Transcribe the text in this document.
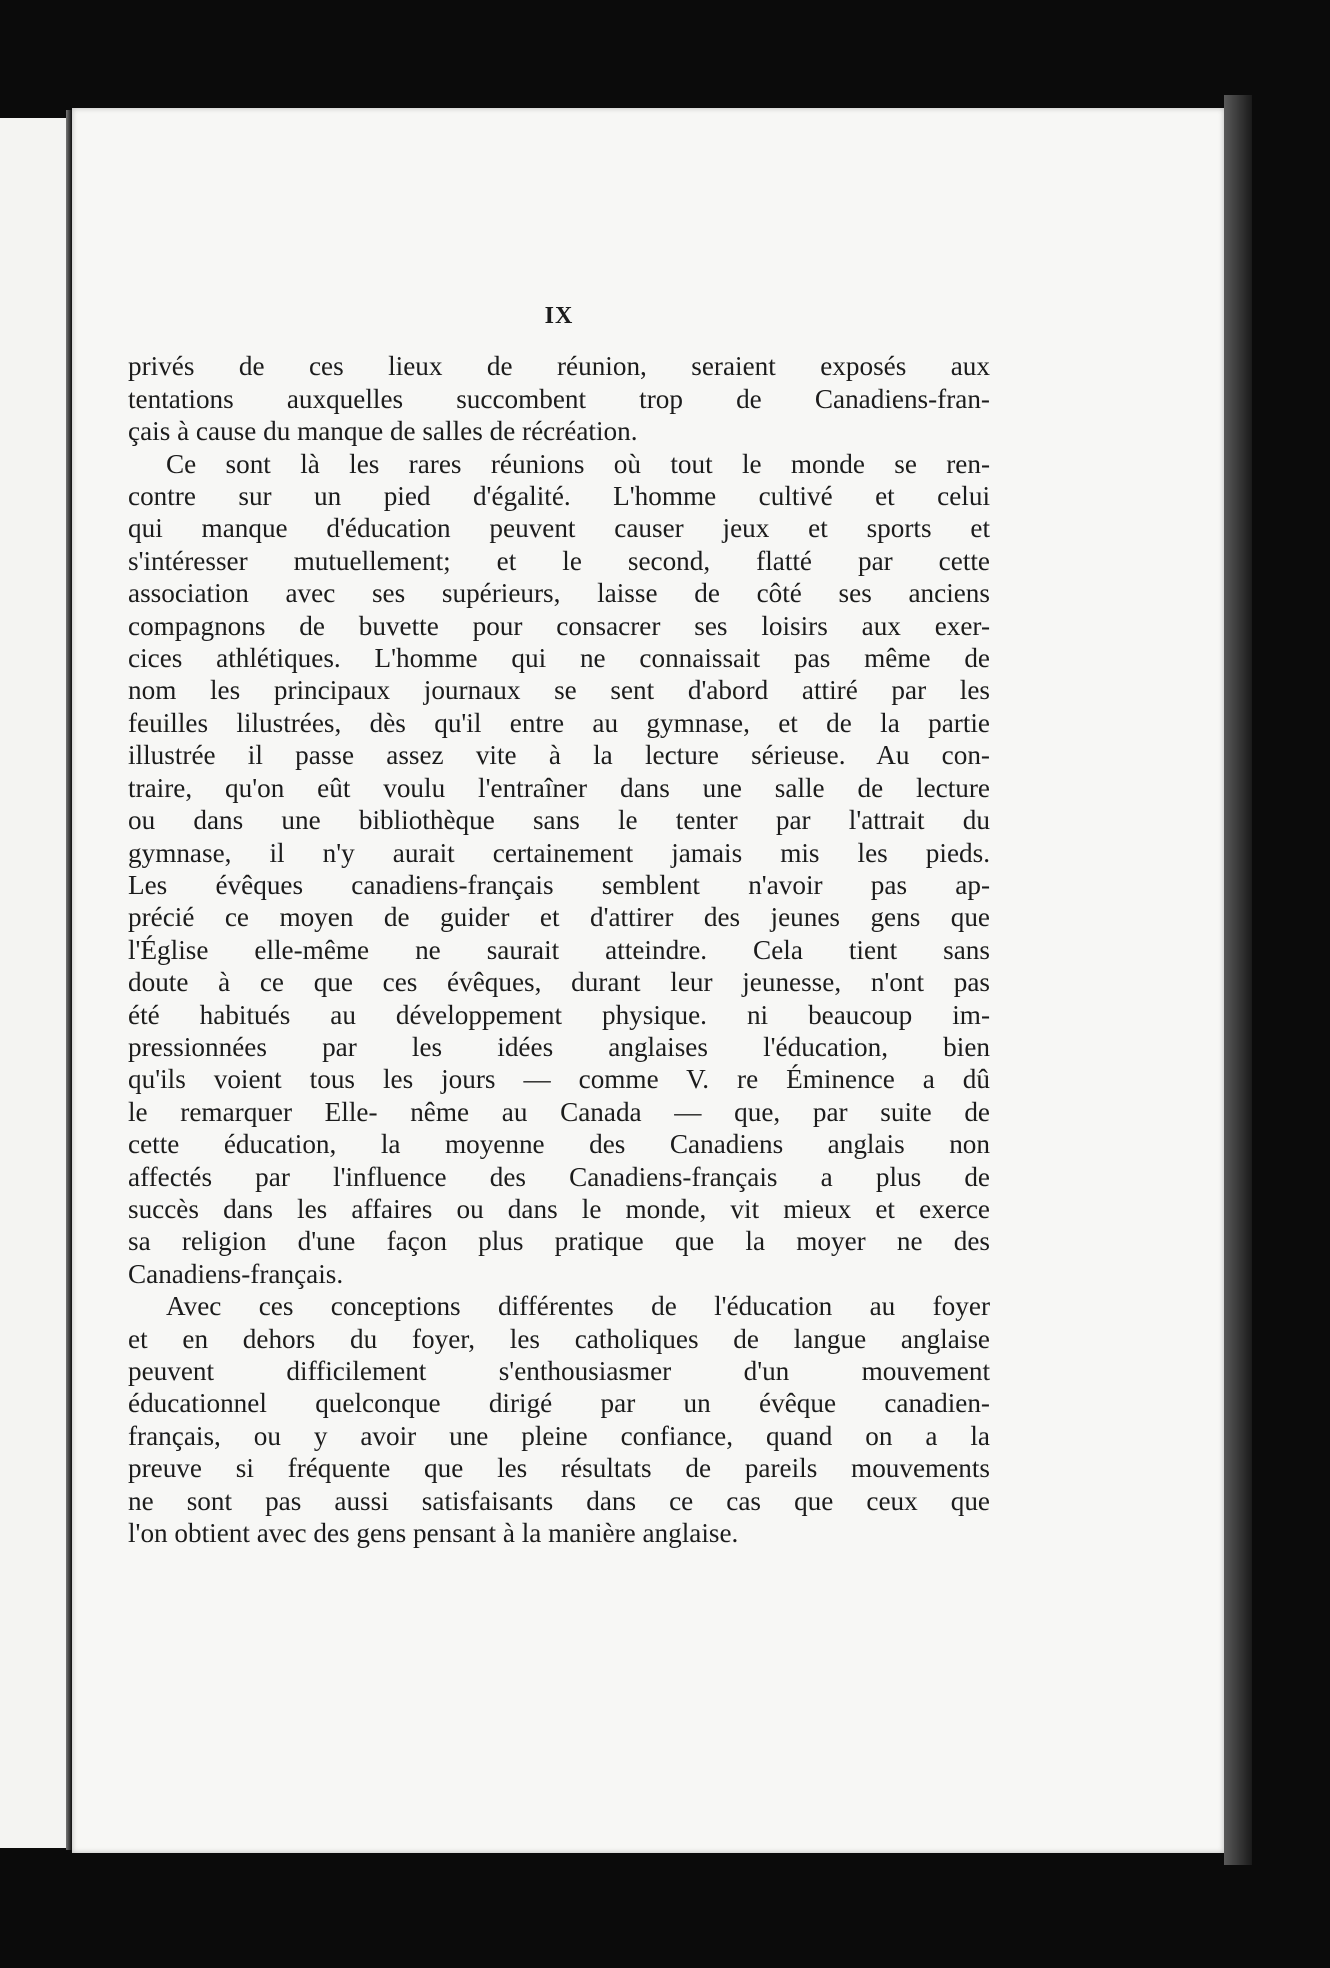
IX
privés de ces lieux de réunion, seraient exposés aux
tentations auxquelles succombent trop de Canadiens-fran-
çais à cause du manque de salles de récréation.
Ce sont là les rares réunions où tout le monde se ren-
contre sur un pied d'égalité. L'homme cultivé et celui
qui manque d'éducation peuvent causer jeux et sports et
s'intéresser mutuellement; et le second, flatté par cette
association avec ses supérieurs, laisse de côté ses anciens
compagnons de buvette pour consacrer ses loisirs aux exer-
cices athlétiques. L'homme qui ne connaissait pas même de
nom les principaux journaux se sent d'abord attiré par les
feuilles lilustrées, dès qu'il entre au gymnase, et de la partie
illustrée il passe assez vite à la lecture sérieuse. Au con-
traire, qu'on eût voulu l'entraîner dans une salle de lecture
ou dans une bibliothèque sans le tenter par l'attrait du
gymnase, il n'y aurait certainement jamais mis les pieds.
Les évêques canadiens-français semblent n'avoir pas ap-
précié ce moyen de guider et d'attirer des jeunes gens que
l'Église elle-même ne saurait atteindre. Cela tient sans
doute à ce que ces évêques, durant leur jeunesse, n'ont pas
été habitués au développement physique. ni beaucoup im-
pressionnées par les idées anglaises l'éducation, bien
qu'ils voient tous les jours — comme V. re Éminence a dû
le remarquer Elle- nême au Canada — que, par suite de
cette éducation, la moyenne des Canadiens anglais non
affectés par l'influence des Canadiens-français a plus de
succès dans les affaires ou dans le monde, vit mieux et exerce
sa religion d'une façon plus pratique que la moyer ne des
Canadiens-français.
Avec ces conceptions différentes de l'éducation au foyer
et en dehors du foyer, les catholiques de langue anglaise
peuvent difficilement s'enthousiasmer d'un mouvement
éducationnel quelconque dirigé par un évêque canadien-
français, ou y avoir une pleine confiance, quand on a la
preuve si fréquente que les résultats de pareils mouvements
ne sont pas aussi satisfaisants dans ce cas que ceux que
l'on obtient avec des gens pensant à la manière anglaise.
